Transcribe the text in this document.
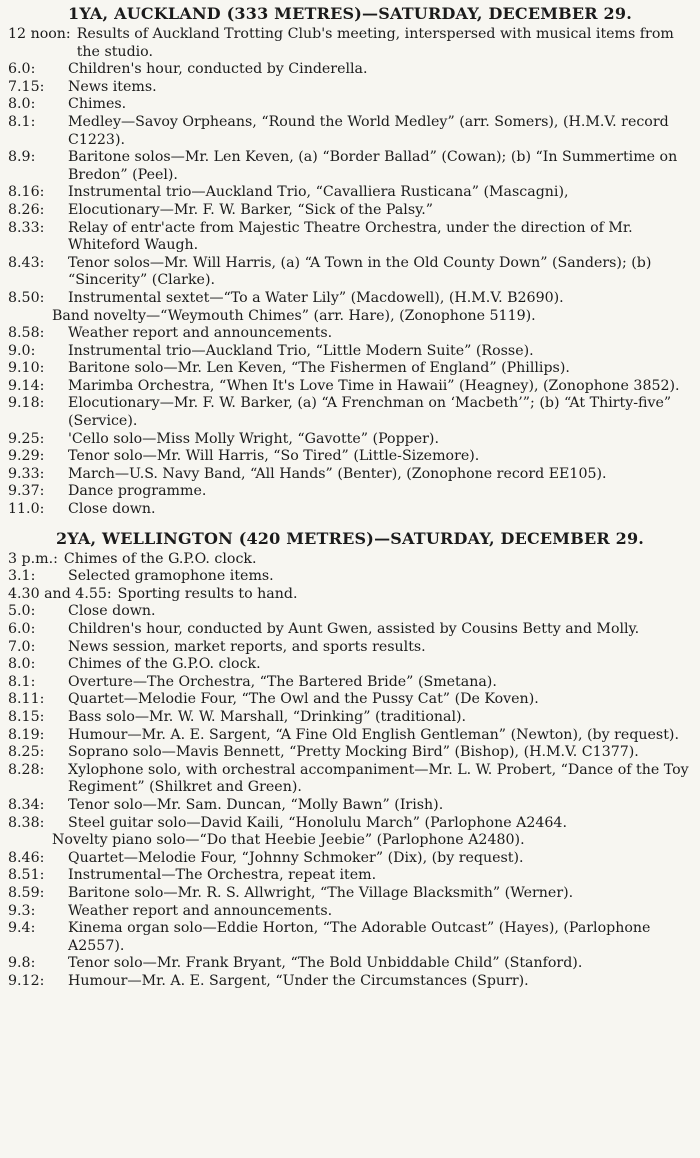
1YA, AUCKLAND (333 METRES)—SATURDAY, DECEMBER 29.
12 noon: Results of Auckland Trotting Club's meeting, interspersed with musical items from the studio.
6.0:	Children's hour, conducted by Cinderella.
7.15:	News items.
8.0:	Chimes.
8.1:	Medley—Savoy Orpheans, “Round the World Medley” (arr. Somers), (H.M.V. record C1223).
8.9:	Baritone solos—Mr. Len Keven, (a) “Border Ballad” (Cowan); (b) “In Summertime on Bredon” (Peel).
8.16:	Instrumental trio—Auckland Trio, “Cavalliera Rusticana” (Mascagni),
8.26:	Elocutionary—Mr. F. W. Barker, “Sick of the Palsy.”
8.33:	Relay of entr'acte from Majestic Theatre Orchestra, under the direction of Mr. Whiteford Waugh.
8.43:	Tenor solos—Mr. Will Harris, (a) “A Town in the Old County Down” (Sanders); (b) “Sincerity” (Clarke).
8.50:	Instrumental sextet—“To a Water Lily” (Macdowell), (H.M.V. B2690).
Band novelty—“Weymouth Chimes” (arr. Hare), (Zonophone 5119).
8.58:	Weather report and announcements.
9.0:	Instrumental trio—Auckland Trio, “Little Modern Suite” (Rosse).
9.10:	Baritone solo—Mr. Len Keven, “The Fishermen of England” (Phillips).
9.14:	Marimba Orchestra, “When It's Love Time in Hawaii” (Heagney), (Zonophone 3852).
9.18:	Elocutionary—Mr. F. W. Barker, (a) “A Frenchman on ‘Macbeth’”; (b) “At Thirty-five” (Service).
9.25:	'Cello solo—Miss Molly Wright, “Gavotte” (Popper).
9.29:	Tenor solo—Mr. Will Harris, “So Tired” (Little-Sizemore).
9.33:	March—U.S. Navy Band, “All Hands” (Benter), (Zonophone record EE105).
9.37:	Dance programme.
11.0:	Close down.
2YA, WELLINGTON (420 METRES)—SATURDAY, DECEMBER 29.
3 p.m.: Chimes of the G.P.O. clock.
3.1:	Selected gramophone items.
4.30 and 4.55: Sporting results to hand.
5.0:	Close down.
6.0:	Children's hour, conducted by Aunt Gwen, assisted by Cousins Betty and Molly.
7.0:	News session, market reports, and sports results.
8.0:	Chimes of the G.P.O. clock.
8.1:	Overture—The Orchestra, “The Bartered Bride” (Smetana).
8.11:	Quartet—Melodie Four, “The Owl and the Pussy Cat” (De Koven).
8.15:	Bass solo—Mr. W. W. Marshall, “Drinking” (traditional).
8.19:	Humour—Mr. A. E. Sargent, “A Fine Old English Gentleman” (Newton), (by request).
8.25:	Soprano solo—Mavis Bennett, “Pretty Mocking Bird” (Bishop), (H.M.V. C1377).
8.28:	Xylophone solo, with orchestral accompaniment—Mr. L. W. Probert, “Dance of the Toy Regiment” (Shilkret and Green).
8.34:	Tenor solo—Mr. Sam. Duncan, “Molly Bawn” (Irish).
8.38:	Steel guitar solo—David Kaili, “Honolulu March” (Parlophone A2464.
Novelty piano solo—“Do that Heebie Jeebie” (Parlophone A2480).
8.46:	Quartet—Melodie Four, “Johnny Schmoker” (Dix), (by request).
8.51:	Instrumental—The Orchestra, repeat item.
8.59:	Baritone solo—Mr. R. S. Allwright, “The Village Blacksmith” (Werner).
9.3:	Weather report and announcements.
9.4:	Kinema organ solo—Eddie Horton, “The Adorable Outcast” (Hayes), (Parlophone A2557).
9.8:	Tenor solo—Mr. Frank Bryant, “The Bold Unbiddable Child” (Stanford).
9.12:	Humour—Mr. A. E. Sargent, “Under the Circumstances (Spurr).
